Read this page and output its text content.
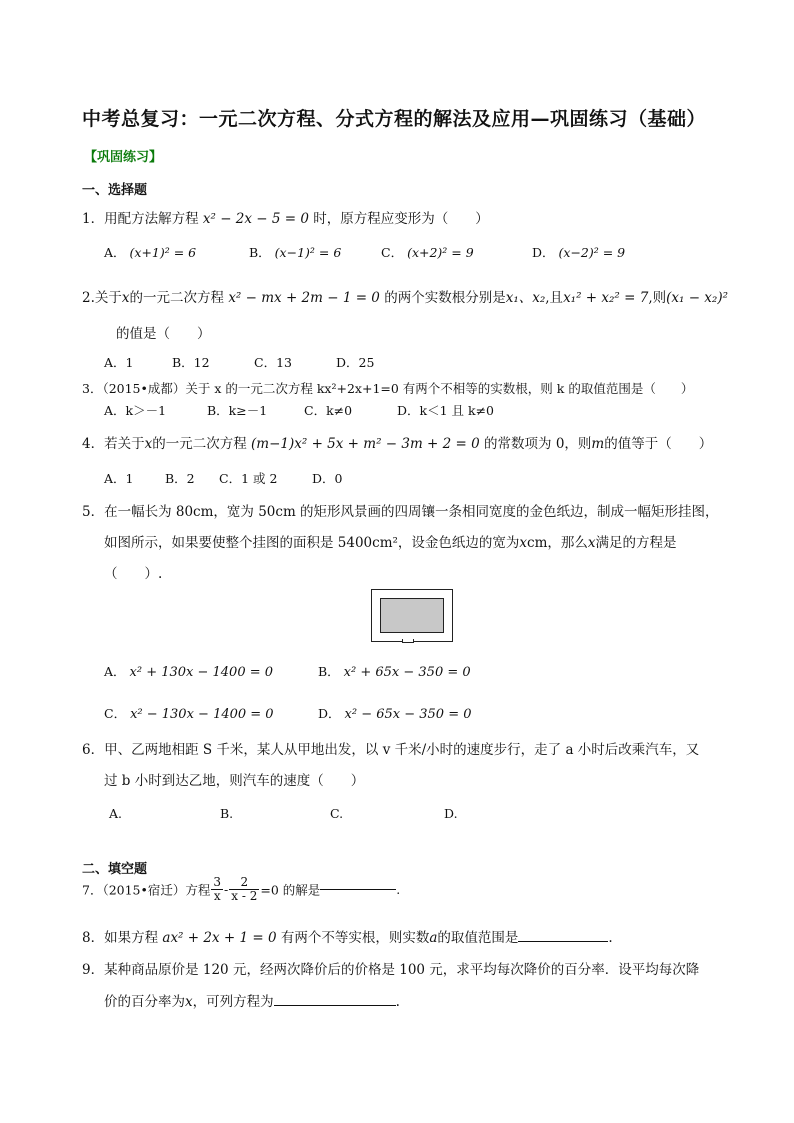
中考总复习：一元二次方程、分式方程的解法及应用—巩固练习（基础）
【巩固练习】
一、选择题
1．用配方法解方程 x² − 2x − 5 = 0 时，原方程应变形为（　　）
A． (x+1)² = 6	B． (x−1)² = 6	C． (x+2)² = 9	D． (x−2)² = 9
2.关于x的一元二次方程 x² − mx + 2m − 1 = 0 的两个实数根分别是x₁、x₂,且x₁² + x₂² = 7,则(x₁ − x₂)²
的值是（　　）
A．1	B．12	C．13	D．25
3．（2015•成都）关于 x 的一元二次方程 kx²+2x+1=0 有两个不相等的实数根，则 k 的取值范围是（　　）
A．k＞－1	B．k≥－1	C．k≠0	D．k＜1 且 k≠0
4．若关于x的一元二次方程 (m−1)x² + 5x + m² − 3m + 2 = 0 的常数项为 0，则m的值等于（　　）
A．1	B．2 C．1 或 2	D．0
5．在一幅长为 80cm，宽为 50cm 的矩形风景画的四周镶一条相同宽度的金色纸边，制成一幅矩形挂图，
如图所示，如果要使整个挂图的面积是 5400cm²，设金色纸边的宽为xcm，那么x满足的方程是
（　　）.
A． x² + 130x − 1400 = 0	B． x² + 65x − 350 = 0
C． x² − 130x − 1400 = 0	D． x² − 65x − 350 = 0
6．甲、乙两地相距 S 千米，某人从甲地出发，以 v 千米/小时的速度步行，走了 a 小时后改乘汽车，又
过 b 小时到达乙地，则汽车的速度（　　）
A.	B.	C.	D.
二、填空题
7．（2015•宿迁）方程 $\frac{3}{x} - \frac{2}{x - 2} =0$ 的解是	.
8．如果方程 ax² + 2x + 1 = 0 有两个不等实根，则实数a的取值范围是	.
9．某种商品原价是 120 元，经两次降价后的价格是 100 元，求平均每次降价的百分率．设平均每次降
价的百分率为x，可列方程为	.
